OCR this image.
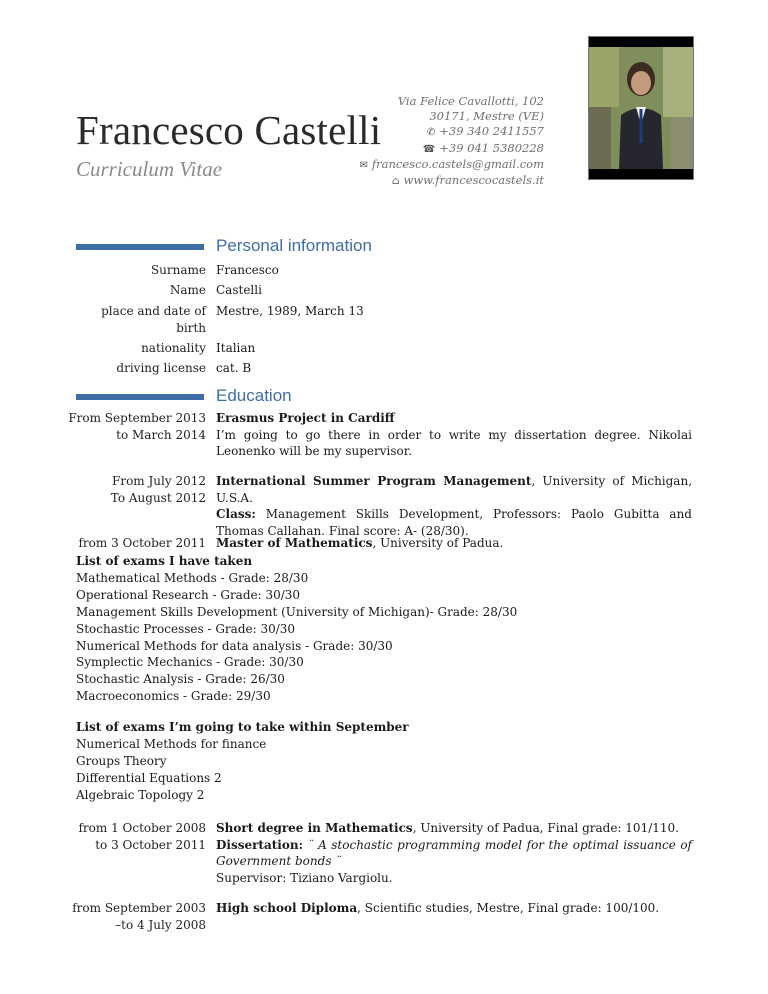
Francesco Castelli
Curriculum Vitae
Via Felice Cavallotti, 102
30171, Mestre (VE)
✆ +39 340 2411557
☎ +39 041 5380228
✉ francesco.castels@gmail.com
⌂ www.francescocastels.it
Personal information
Surname Francesco
Name Castelli
place and date of birth
Mestre, 1989, March 13
nationality Italian
driving license cat. B
Education
From September 2013 to March 2014
Erasmus Project in Cardiff
I’m going to go there in order to write my dissertation degree. Nikolai Leonenko will be my supervisor.
From July 2012 To August 2012
International Summer Program Management, University of Michigan, U.S.A.
Class: Management Skills Development, Professors: Paolo Gubitta and Thomas Callahan. Final score: A- (28/30).
from 3 October 2011 Master of Mathematics, University of Padua.
List of exams I have taken
Mathematical Methods - Grade: 28/30
Operational Research - Grade: 30/30
Management Skills Development (University of Michigan)- Grade: 28/30
Stochastic Processes - Grade: 30/30
Numerical Methods for data analysis - Grade: 30/30
Symplectic Mechanics - Grade: 30/30
Stochastic Analysis - Grade: 26/30
Macroeconomics - Grade: 29/30
List of exams I’m going to take within September
Numerical Methods for finance
Groups Theory
Differential Equations 2
Algebraic Topology 2
from 1 October 2008
to 3 October 2011
Short degree in Mathematics, University of Padua, Final grade: 101/110.
Dissertation: ¨ A stochastic programming model for the optimal issuance of Government bonds ¨
Supervisor: Tiziano Vargiolu.
from September 2003
–to 4 July 2008
High school Diploma, Scientific studies, Mestre, Final grade: 100/100.
